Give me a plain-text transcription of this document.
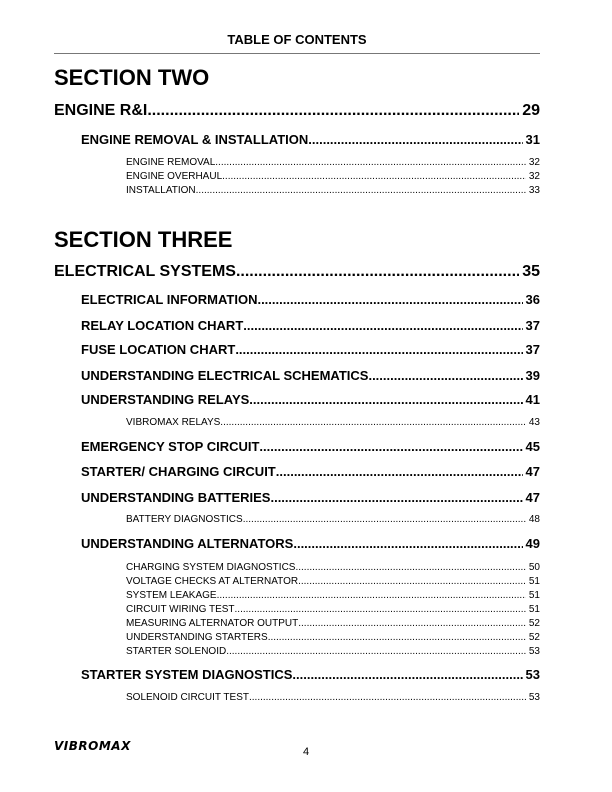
TABLE OF CONTENTS
SECTION TWO
ENGINE R&I .....	29
ENGINE REMOVAL & INSTALLATION .....	31
ENGINE REMOVAL .....	32
ENGINE OVERHAUL .....	32
INSTALLATION .....	33
SECTION THREE
ELECTRICAL SYSTEMS .....	35
ELECTRICAL INFORMATION .....	36
RELAY LOCATION CHART .....	37
FUSE LOCATION CHART .....	37
UNDERSTANDING ELECTRICAL SCHEMATICS .....	39
UNDERSTANDING RELAYS .....	41
VIBROMAX RELAYS .....	43
EMERGENCY STOP CIRCUIT .....	45
STARTER/ CHARGING CIRCUIT .....	47
UNDERSTANDING BATTERIES .....	47
BATTERY DIAGNOSTICS .....	48
UNDERSTANDING ALTERNATORS .....	49
CHARGING SYSTEM DIAGNOSTICS .....	50
VOLTAGE CHECKS AT ALTERNATOR .....	51
SYSTEM LEAKAGE .....	51
CIRCUIT WIRING TEST .....	51
MEASURING ALTERNATOR OUTPUT .....	52
UNDERSTANDING STARTERS .....	52
STARTER SOLENOID .....	53
STARTER SYSTEM DIAGNOSTICS .....	53
SOLENOID CIRCUIT TEST .....	53
VIBROMAX	4
